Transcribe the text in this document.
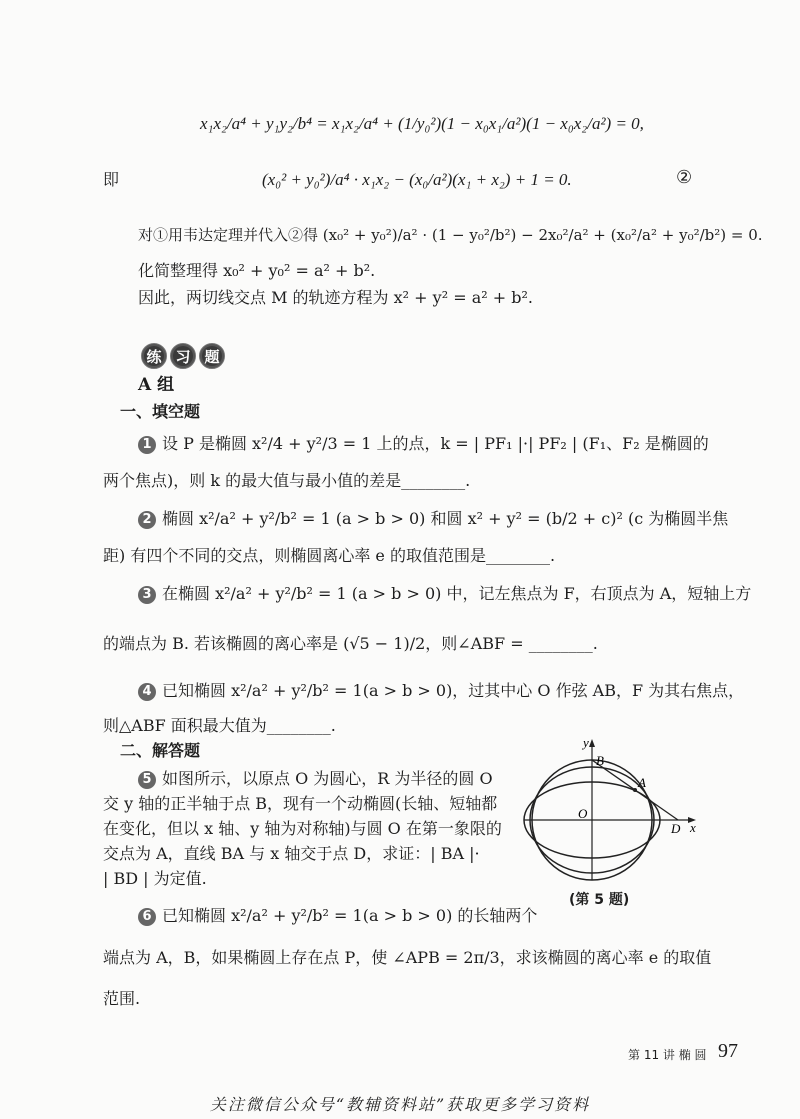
x₁x₂/a⁴ + y₁y₂/b⁴ = x₁x₂/a⁴ + (1/y₀²)(1 − x₀x₁/a²)(1 − x₀x₂/a²) = 0,
即	(x₀² + y₀²)/a⁴ · x₁x₂ − (x₀/a²)(x₁ + x₂) + 1 = 0.	②
对①用韦达定理并代入②得 (x₀² + y₀²)/a² · (1 − y₀²/b²) − 2x₀²/a² + (x₀²/a² + y₀²/b²) = 0.
化简整理得 x₀² + y₀² = a² + b².
因此，两切线交点 M 的轨迹方程为 x² + y² = a² + b².
练 习 题
A 组
一、填空题
1 设 P 是椭圆 x²/4 + y²/3 = 1 上的点，k = | PF₁ |·| PF₂ | (F₁、F₂ 是椭圆的
两个焦点)，则 k 的最大值与最小值的差是________.
2 椭圆 x²/a² + y²/b² = 1 (a > b > 0) 和圆 x² + y² = (b/2 + c)² (c 为椭圆半焦
距) 有四个不同的交点，则椭圆离心率 e 的取值范围是________.
3 在椭圆 x²/a² + y²/b² = 1 (a > b > 0) 中，记左焦点为 F，右顶点为 A，短轴上方
的端点为 B. 若该椭圆的离心率是 (√5 − 1)/2，则∠ABF = ________.
4 已知椭圆 x²/a² + y²/b² = 1(a > b > 0)，过其中心 O 作弦 AB，F 为其右焦点，
则△ABF 面积最大值为________.
二、解答题
5 如图所示，以原点 O 为圆心，R 为半径的圆 O
交 y 轴的正半轴于点 B，现有一个动椭圆(长轴、短轴都
在变化，但以 x 轴、y 轴为对称轴)与圆 O 在第一象限的
交点为 A，直线 BA 与 x 轴交于点 D，求证：| BA |·
| BD | 为定值.
6 已知椭圆 x²/a² + y²/b² = 1(a > b > 0) 的长轴两个
端点为 A，B，如果椭圆上存在点 P，使 ∠APB = 2π/3，求该椭圆的离心率 e 的取值
范围.
y
x
B
A
O
D
(第 5 题)
第 11 讲 椭 圆 97
关注微信公众号“教辅资料站”获取更多学习资料
